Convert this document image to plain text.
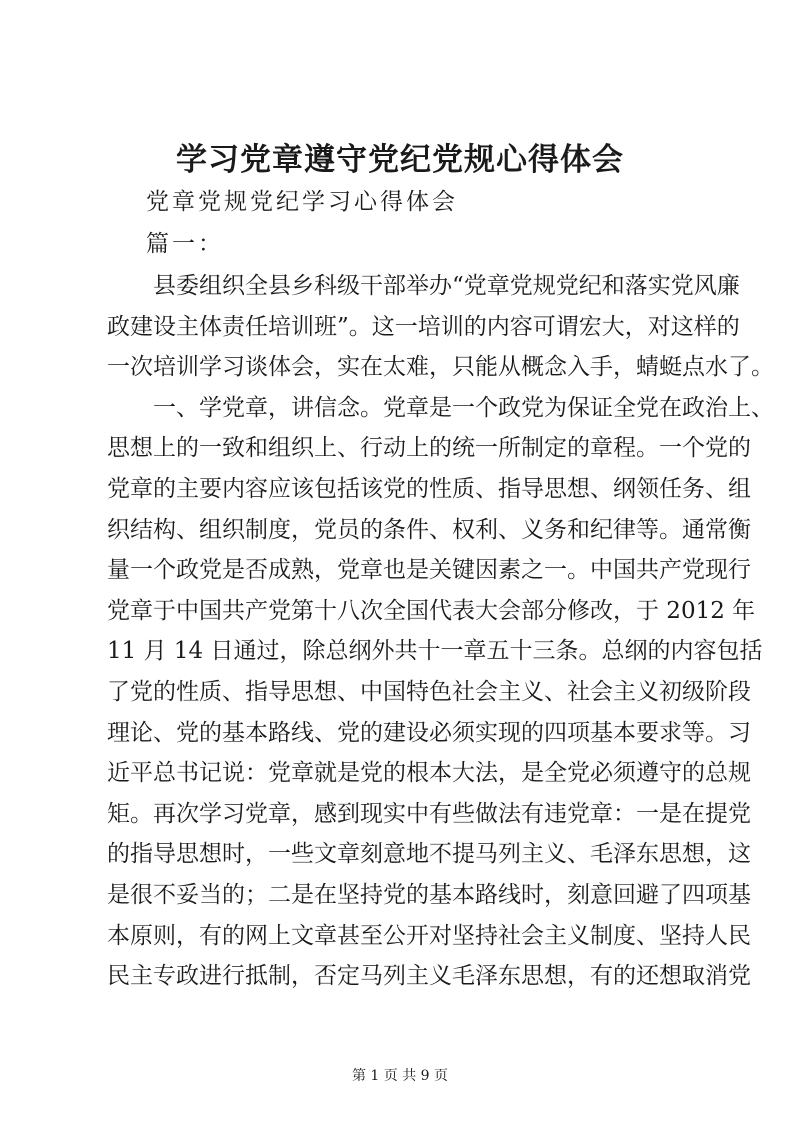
学习党章遵守党纪党规心得体会
党章党规党纪学习心得体会
篇一：
　　县委组织全县乡科级干部举办“党章党规党纪和落实党风廉
政建设主体责任培训班”。这一培训的内容可谓宏大，对这样的
一次培训学习谈体会，实在太难，只能从概念入手，蜻蜓点水了。
　　一、学党章，讲信念。党章是一个政党为保证全党在政治上、
思想上的一致和组织上、行动上的统一所制定的章程。一个党的
党章的主要内容应该包括该党的性质、指导思想、纲领任务、组
织结构、组织制度，党员的条件、权利、义务和纪律等。通常衡
量一个政党是否成熟，党章也是关键因素之一。中国共产党现行
党章于中国共产党第十八次全国代表大会部分修改，于 2012 年
11 月 14 日通过，除总纲外共十一章五十三条。总纲的内容包括
了党的性质、指导思想、中国特色社会主义、社会主义初级阶段
理论、党的基本路线、党的建设必须实现的四项基本要求等。习
近平总书记说：党章就是党的根本大法，是全党必须遵守的总规
矩。再次学习党章，感到现实中有些做法有违党章：一是在提党
的指导思想时，一些文章刻意地不提马列主义、毛泽东思想，这
是很不妥当的；二是在坚持党的基本路线时，刻意回避了四项基
本原则，有的网上文章甚至公开对坚持社会主义制度、坚持人民
民主专政进行抵制，否定马列主义毛泽东思想，有的还想取消党
第 1 页 共 9 页
